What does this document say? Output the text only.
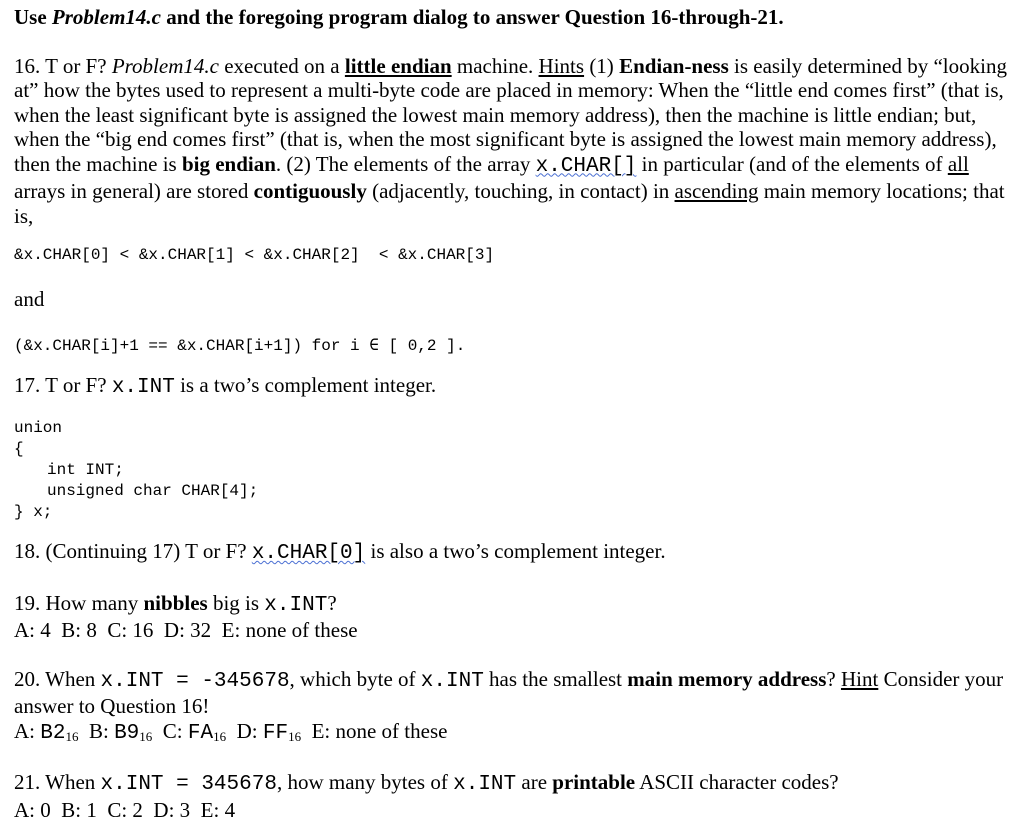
Use Problem14.c and the foregoing program dialog to answer Question 16-through-21.

16. T or F? Problem14.c executed on a little endian machine. Hints (1) Endian-ness is easily determined by “looking at” how the bytes used to represent a multi-byte code are placed in memory: When the “little end comes first” (that is, when the least significant byte is assigned the lowest main memory address), then the machine is little endian; but, when the “big end comes first” (that is, when the most significant byte is assigned the lowest main memory address), then the machine is big endian. (2) The elements of the array x.CHAR[] in particular (and of the elements of all arrays in general) are stored contiguously (adjacently, touching, in contact) in ascending main memory locations; that is,

&x.CHAR[0] < &x.CHAR[1] < &x.CHAR[2]  < &x.CHAR[3]

and

(&x.CHAR[i]+1 == &x.CHAR[i+1]) for i ∈ [ 0,2 ].

17. T or F? x.INT is a two’s complement integer.

union

{

int INT;

unsigned char CHAR[4];

} x;

18. (Continuing 17) T or F? x.CHAR[0] is also a two’s complement integer.

19. How many nibbles big is x.INT?

A: 4  B: 8  C: 16  D: 32  E: none of these

20. When x.INT = -345678, which byte of x.INT has the smallest main memory address? Hint Consider your answer to Question 16!

A: $B2_{16}$  B: $B9_{16}$  C: $FA_{16}$  D: $FF_{16}$  E: none of these

21. When x.INT = 345678, how many bytes of x.INT are printable ASCII character codes?

A: 0  B: 1  C: 2  D: 3  E: 4
